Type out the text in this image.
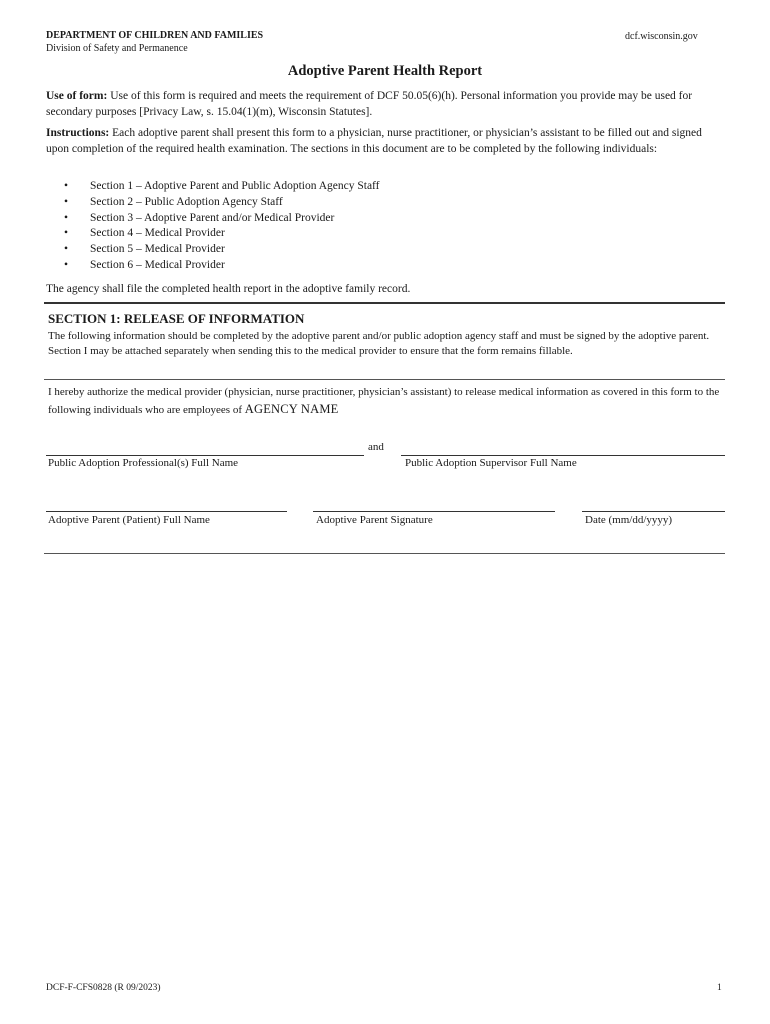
DEPARTMENT OF CHILDREN AND FAMILIES
Division of Safety and Permanence
dcf.wisconsin.gov
Adoptive Parent Health Report
Use of form: Use of this form is required and meets the requirement of DCF 50.05(6)(h). Personal information you provide may be used for secondary purposes [Privacy Law, s. 15.04(1)(m), Wisconsin Statutes].
Instructions: Each adoptive parent shall present this form to a physician, nurse practitioner, or physician’s assistant to be filled out and signed upon completion of the required health examination. The sections in this document are to be completed by the following individuals:
•	Section 1 – Adoptive Parent and Public Adoption Agency Staff
•	Section 2 – Public Adoption Agency Staff
•	Section 3 – Adoptive Parent and/or Medical Provider
•	Section 4 – Medical Provider
•	Section 5 – Medical Provider
•	Section 6 – Medical Provider
The agency shall file the completed health report in the adoptive family record.
SECTION 1: RELEASE OF INFORMATION
The following information should be completed by the adoptive parent and/or public adoption agency staff and must be signed by the adoptive parent. Section I may be attached separately when sending this to the medical provider to ensure that the form remains fillable.
I hereby authorize the medical provider (physician, nurse practitioner, physician’s assistant) to release medical information as covered in this form to the following individuals who are employees of AGENCY NAME
and
Public Adoption Professional(s) Full Name	Public Adoption Supervisor Full Name
Adoptive Parent (Patient) Full Name	Adoptive Parent Signature	Date (mm/dd/yyyy)
DCF-F-CFS0828 (R 09/2023)	1
